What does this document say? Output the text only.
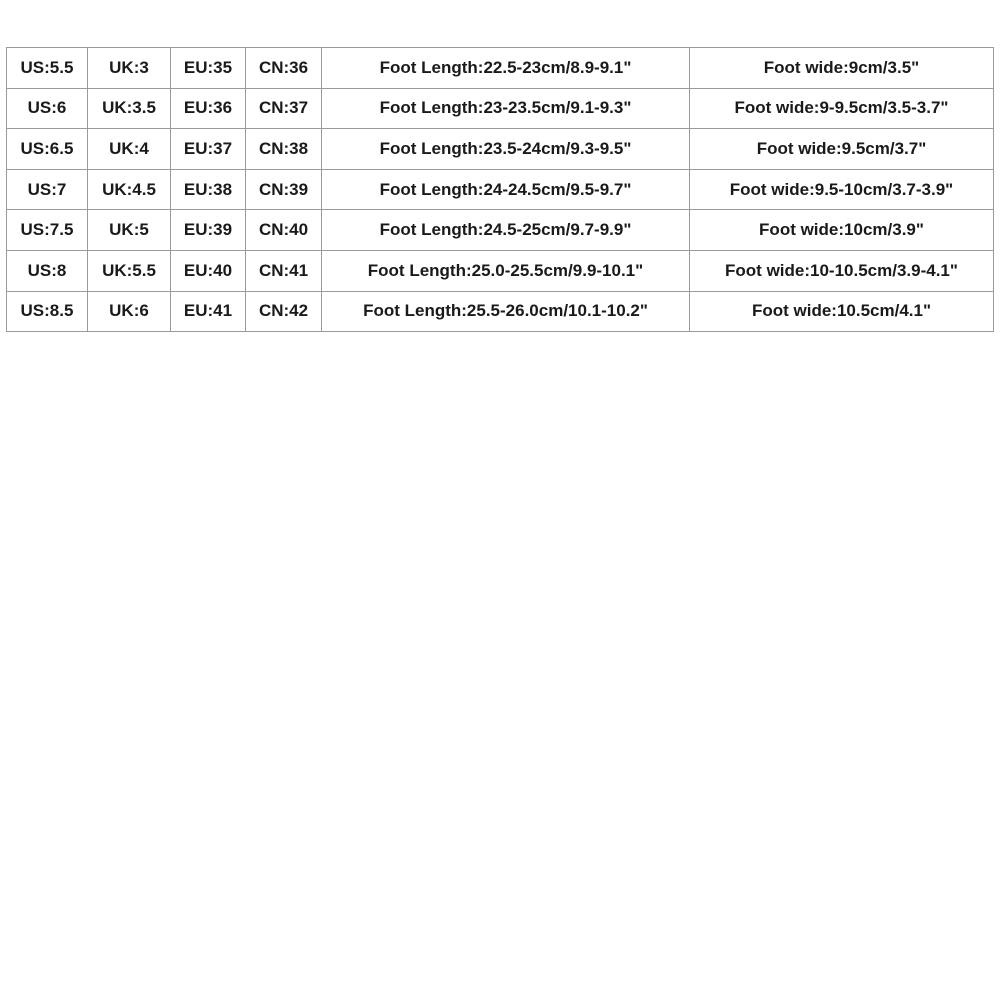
US:5.5	UK:3	EU:35	CN:36	Foot Length:22.5-23cm/8.9-9.1"	Foot wide:9cm/3.5"
US:6	UK:3.5	EU:36	CN:37	Foot Length:23-23.5cm/9.1-9.3"	Foot wide:9-9.5cm/3.5-3.7"
US:6.5	UK:4	EU:37	CN:38	Foot Length:23.5-24cm/9.3-9.5"	Foot wide:9.5cm/3.7"
US:7	UK:4.5	EU:38	CN:39	Foot Length:24-24.5cm/9.5-9.7"	Foot wide:9.5-10cm/3.7-3.9"
US:7.5	UK:5	EU:39	CN:40	Foot Length:24.5-25cm/9.7-9.9"	Foot wide:10cm/3.9"
US:8	UK:5.5	EU:40	CN:41	Foot Length:25.0-25.5cm/9.9-10.1"	Foot wide:10-10.5cm/3.9-4.1"
US:8.5	UK:6	EU:41	CN:42	Foot Length:25.5-26.0cm/10.1-10.2"	Foot wide:10.5cm/4.1"
